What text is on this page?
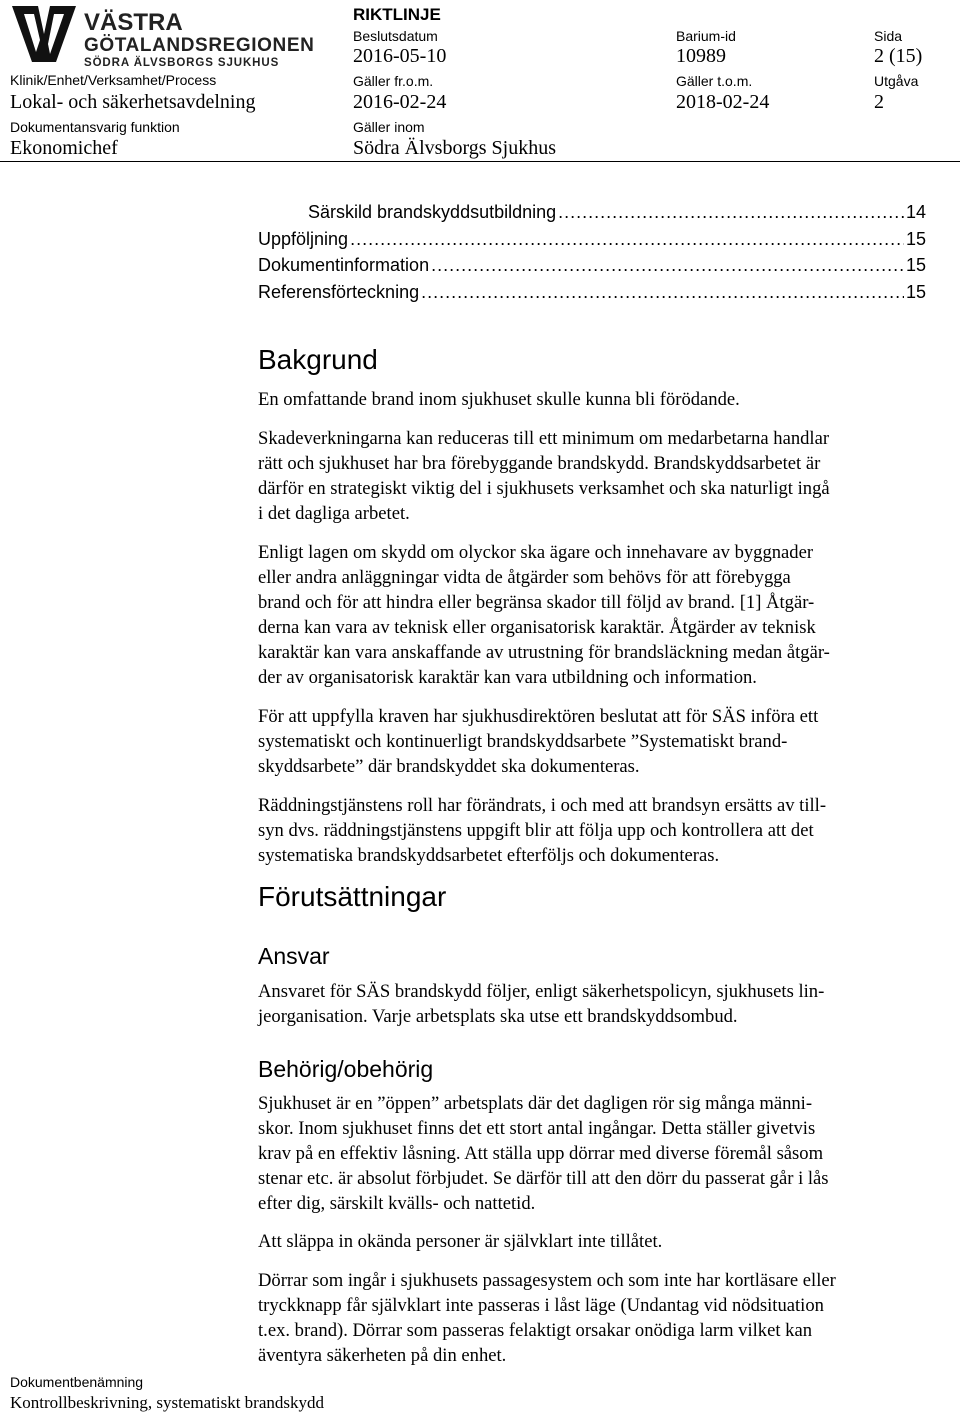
VÄSTRA
GÖTALANDSREGIONEN
SÖDRA ÄLVSBORGS SJUKHUS
RIKTLINJE
Klinik/Enhet/Verksamhet/Process
Lokal- och säkerhetsavdelning
Dokumentansvarig funktion
Ekonomichef
Beslutsdatum
2016-05-10
Gäller fr.o.m.
2016-02-24
Gäller inom
Södra Älvsborgs Sjukhus
Barium-id
10989
Gäller t.o.m.
2018-02-24
Sida
2 (15)
Utgåva
2
Särskild brandskyddsutbildning .....	14
Uppföljning .....	15
Dokumentinformation .....	15
Referensförteckning .....	15
Bakgrund
En omfattande brand inom sjukhuset skulle kunna bli förödande.
Skadeverkningarna kan reduceras till ett minimum om medarbetarna handlar
rätt och sjukhuset har bra förebyggande brandskydd. Brandskyddsarbetet är
därför en strategiskt viktig del i sjukhusets verksamhet och ska naturligt ingå
i det dagliga arbetet.
Enligt lagen om skydd om olyckor ska ägare och innehavare av byggnader
eller andra anläggningar vidta de åtgärder som behövs för att förebygga
brand och för att hindra eller begränsa skador till följd av brand. [1] Åtgär-
derna kan vara av teknisk eller organisatorisk karaktär. Åtgärder av teknisk
karaktär kan vara anskaffande av utrustning för brandsläckning medan åtgär-
der av organisatorisk karaktär kan vara utbildning och information.
För att uppfylla kraven har sjukhusdirektören beslutat att för SÄS införa ett
systematiskt och kontinuerligt brandskyddsarbete ”Systematiskt brand-
skyddsarbete” där brandskyddet ska dokumenteras.
Räddningstjänstens roll har förändrats, i och med att brandsyn ersätts av till-
syn dvs. räddningstjänstens uppgift blir att följa upp och kontrollera att det
systematiska brandskyddsarbetet efterföljs och dokumenteras.
Förutsättningar
Ansvar
Ansvaret för SÄS brandskydd följer, enligt säkerhetspolicyn, sjukhusets lin-
jeorganisation. Varje arbetsplats ska utse ett brandskyddsombud.
Behörig/obehörig
Sjukhuset är en ”öppen” arbetsplats där det dagligen rör sig många männi-
skor. Inom sjukhuset finns det ett stort antal ingångar. Detta ställer givetvis
krav på en effektiv låsning. Att ställa upp dörrar med diverse föremål såsom
stenar etc. är absolut förbjudet. Se därför till att den dörr du passerat går i lås
efter dig, särskilt kvälls- och nattetid.
Att släppa in okända personer är självklart inte tillåtet.
Dörrar som ingår i sjukhusets passagesystem och som inte har kortläsare eller
tryckknapp får självklart inte passeras i låst läge (Undantag vid nödsituation
t.ex. brand). Dörrar som passeras felaktigt orsakar onödiga larm vilket kan
äventyra säkerheten på din enhet.
Dokumentbenämning
Kontrollbeskrivning, systematiskt brandskydd
